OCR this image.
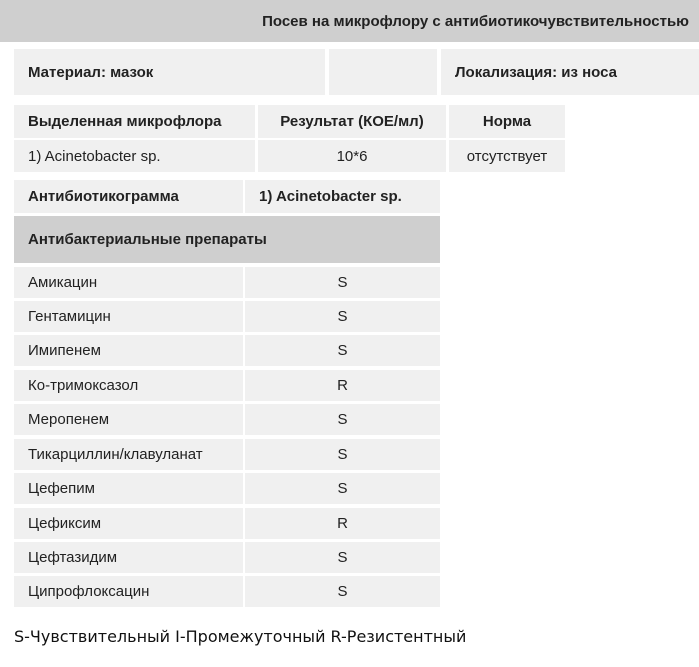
Посев на микрофлору с антибиотикочувствительностью
Материал: мазок	Локализация: из носа
Выделенная микрофлора	Результат (КОЕ/мл)	Норма
1) Acinetobacter sp.	10*6	отсутствует
Антибиотикограмма	1) Acinetobacter sp.
Антибактериальные препараты
Амикацин	S
Гентамицин	S
Имипенем	S
Ко-тримоксазол	R
Меропенем	S
Тикарциллин/клавуланат	S
Цефепим	S
Цефиксим	R
Цефтазидим	S
Ципрофлоксацин	S
S-Чувствительный I-Промежуточный R-Резистентный
